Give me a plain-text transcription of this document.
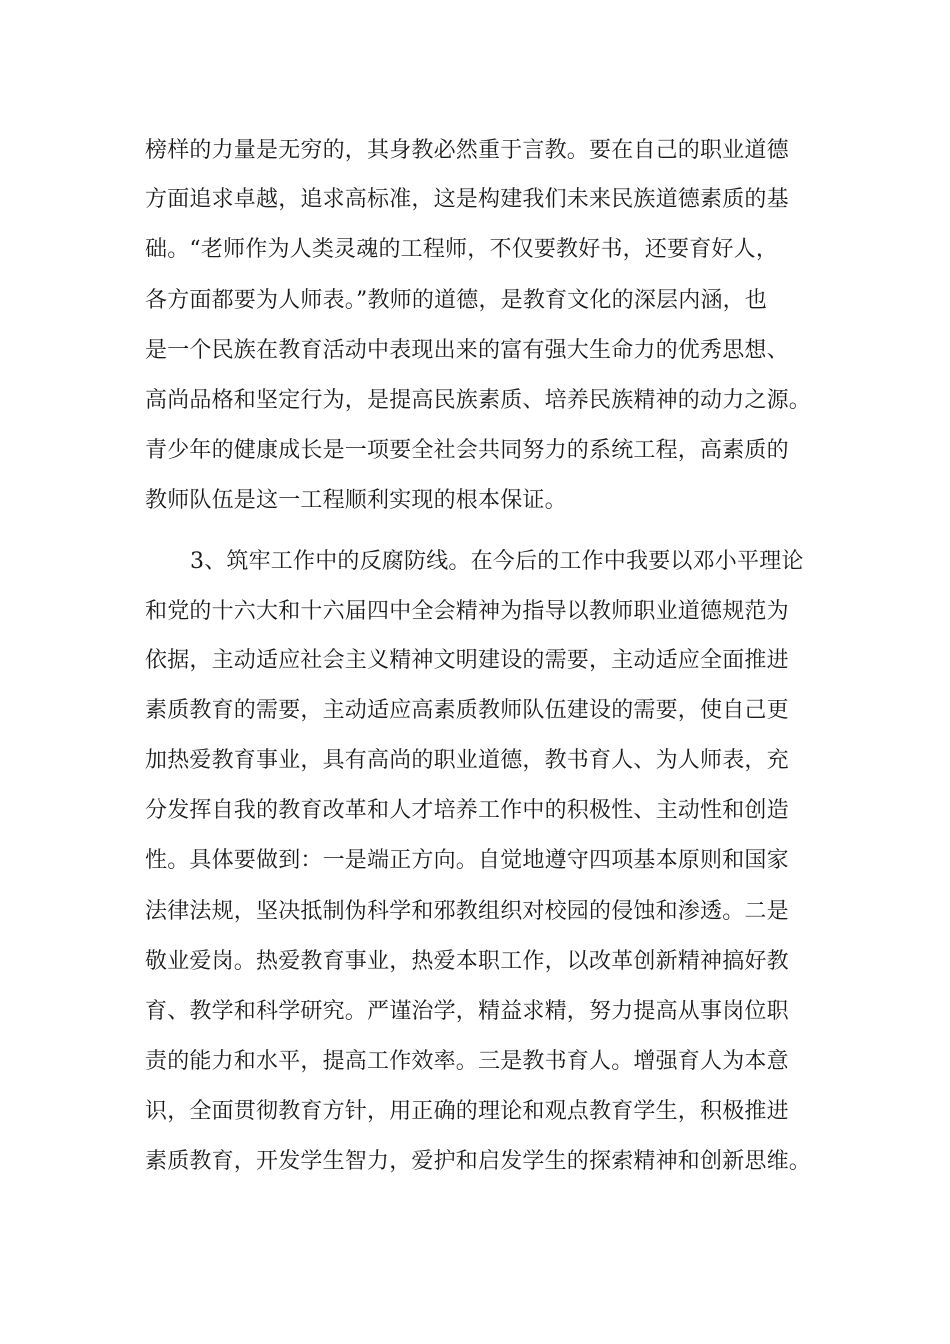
榜样的力量是无穷的，其身教必然重于言教。要在自己的职业道德
方面追求卓越，追求高标准，这是构建我们未来民族道德素质的基
础。“老师作为人类灵魂的工程师，不仅要教好书，还要育好人，
各方面都要为人师表。”教师的道德，是教育文化的深层内涵，也
是一个民族在教育活动中表现出来的富有强大生命力的优秀思想、
高尚品格和坚定行为，是提高民族素质、培养民族精神的动力之源。
青少年的健康成长是一项要全社会共同努力的系统工程，高素质的
教师队伍是这一工程顺利实现的根本保证。
3、筑牢工作中的反腐防线。在今后的工作中我要以邓小平理论
和党的十六大和十六届四中全会精神为指导以教师职业道德规范为
依据，主动适应社会主义精神文明建设的需要，主动适应全面推进
素质教育的需要，主动适应高素质教师队伍建设的需要，使自己更
加热爱教育事业，具有高尚的职业道德，教书育人、为人师表，充
分发挥自我的教育改革和人才培养工作中的积极性、主动性和创造
性。具体要做到：一是端正方向。自觉地遵守四项基本原则和国家
法律法规，坚决抵制伪科学和邪教组织对校园的侵蚀和渗透。二是
敬业爱岗。热爱教育事业，热爱本职工作，以改革创新精神搞好教
育、教学和科学研究。严谨治学，精益求精，努力提高从事岗位职
责的能力和水平，提高工作效率。三是教书育人。增强育人为本意
识，全面贯彻教育方针，用正确的理论和观点教育学生，积极推进
素质教育，开发学生智力，爱护和启发学生的探索精神和创新思维。
